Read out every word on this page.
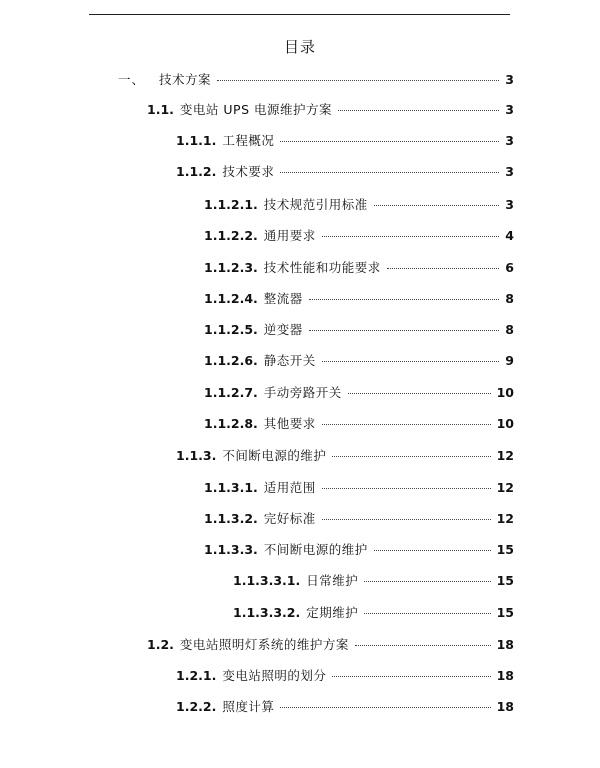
目录
一、 技术方案	3
1.1. 变电站 UPS 电源维护方案	3
1.1.1. 工程概况	3
1.1.2. 技术要求	3
1.1.2.1. 技术规范引用标准	3
1.1.2.2. 通用要求	4
1.1.2.3. 技术性能和功能要求	6
1.1.2.4. 整流器	8
1.1.2.5. 逆变器	8
1.1.2.6. 静态开关	9
1.1.2.7. 手动旁路开关	10
1.1.2.8. 其他要求	10
1.1.3. 不间断电源的维护	12
1.1.3.1. 适用范围	12
1.1.3.2. 完好标准	12
1.1.3.3. 不间断电源的维护	15
1.1.3.3.1. 日常维护	15
1.1.3.3.2. 定期维护	15
1.2. 变电站照明灯系统的维护方案	18
1.2.1. 变电站照明的划分	18
1.2.2. 照度计算	18
